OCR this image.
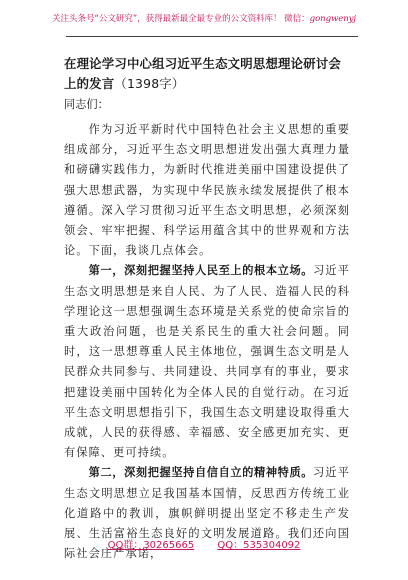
关注头条号“公文研究”，获得最新最全最专业的公文资料库！ 微信：gongwenyj

在理论学习中心组习近平生态文明思想理论研讨会上的发言（1398字）

同志们：

作为习近平新时代中国特色社会主义思想的重要组成部分，习近平生态文明思想迸发出强大真理力量和磅礴实践伟力，为新时代推进美丽中国建设提供了强大思想武器，为实现中华民族永续发展提供了根本遵循。深入学习贯彻习近平生态文明思想，必须深刻领会、牢牢把握、科学运用蕴含其中的世界观和方法论。下面，我谈几点体会。

第一，深刻把握坚持人民至上的根本立场。习近平生态文明思想是来自人民、为了人民、造福人民的科学理论这一思想强调生态环境是关系党的使命宗旨的重大政治问题，也是关系民生的重大社会问题。同时，这一思想尊重人民主体地位，强调生态文明是人民群众共同参与、共同建设、共同享有的事业，要求把建设美丽中国转化为全体人民的自觉行动。在习近平生态文明思想指引下，我国生态文明建设取得重大成就，人民的获得感、幸福感、安全感更加充实、更有保障、更可持续。

第二，深刻把握坚持自信自立的精神特质。习近平生态文明思想立足我国基本国情，反思西方传统工业化道路中的教训，旗帜鲜明提出坚定不移走生产发展、生活富裕生态良好的文明发展道路。我们还向国际社会庄严承诺，

QQ群：30265665 QQ：535304092
